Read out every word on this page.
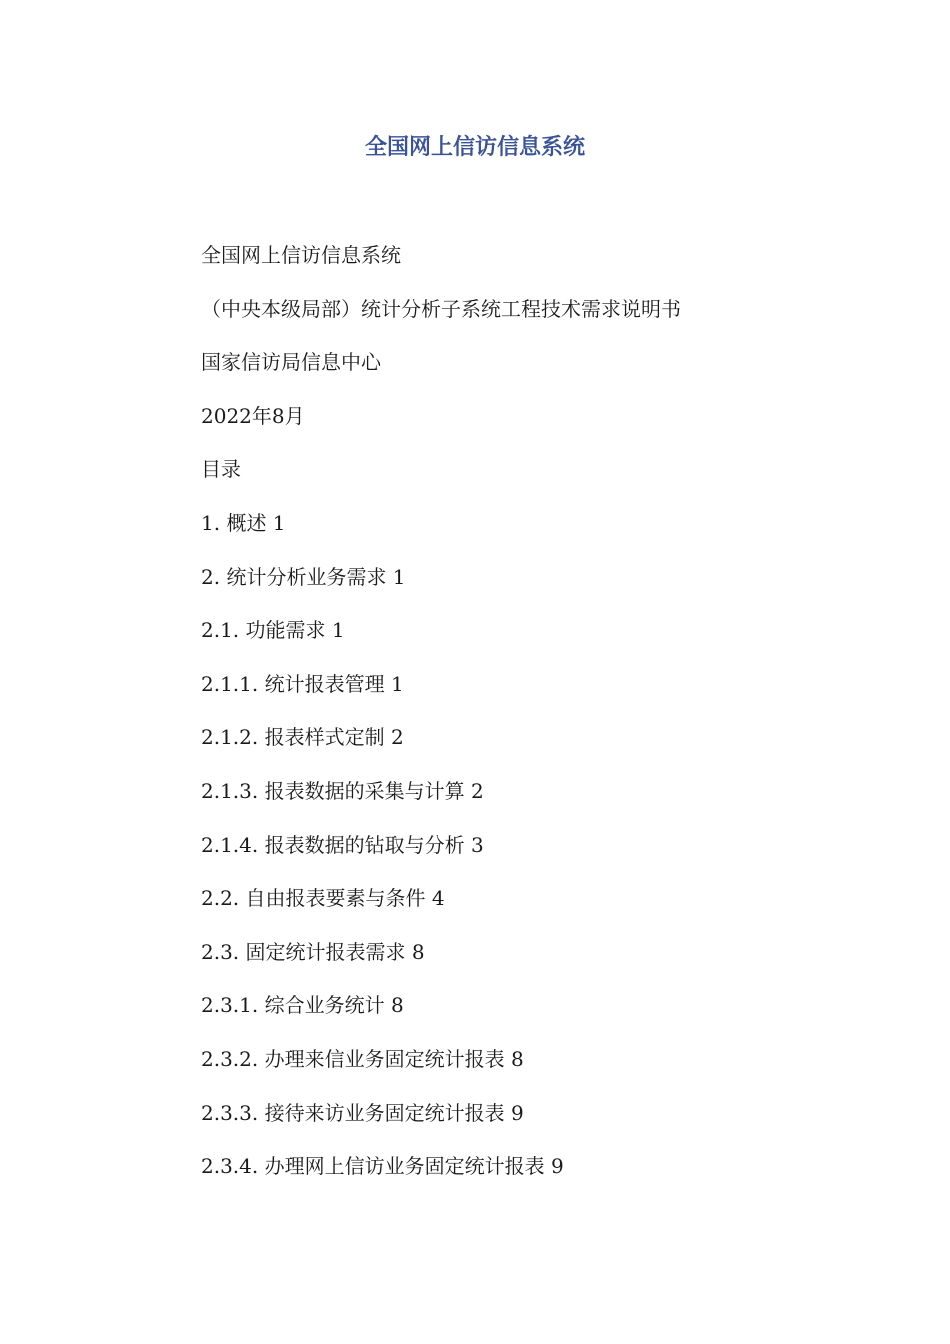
全国网上信访信息系统
全国网上信访信息系统
（中央本级局部）统计分析子系统工程技术需求说明书
国家信访局信息中心
2022年8月
目录
1. 概述 1
2. 统计分析业务需求 1
2.1. 功能需求 1
2.1.1. 统计报表管理 1
2.1.2. 报表样式定制 2
2.1.3. 报表数据的采集与计算 2
2.1.4. 报表数据的钻取与分析 3
2.2. 自由报表要素与条件 4
2.3. 固定统计报表需求 8
2.3.1. 综合业务统计 8
2.3.2. 办理来信业务固定统计报表 8
2.3.3. 接待来访业务固定统计报表 9
2.3.4. 办理网上信访业务固定统计报表 9
